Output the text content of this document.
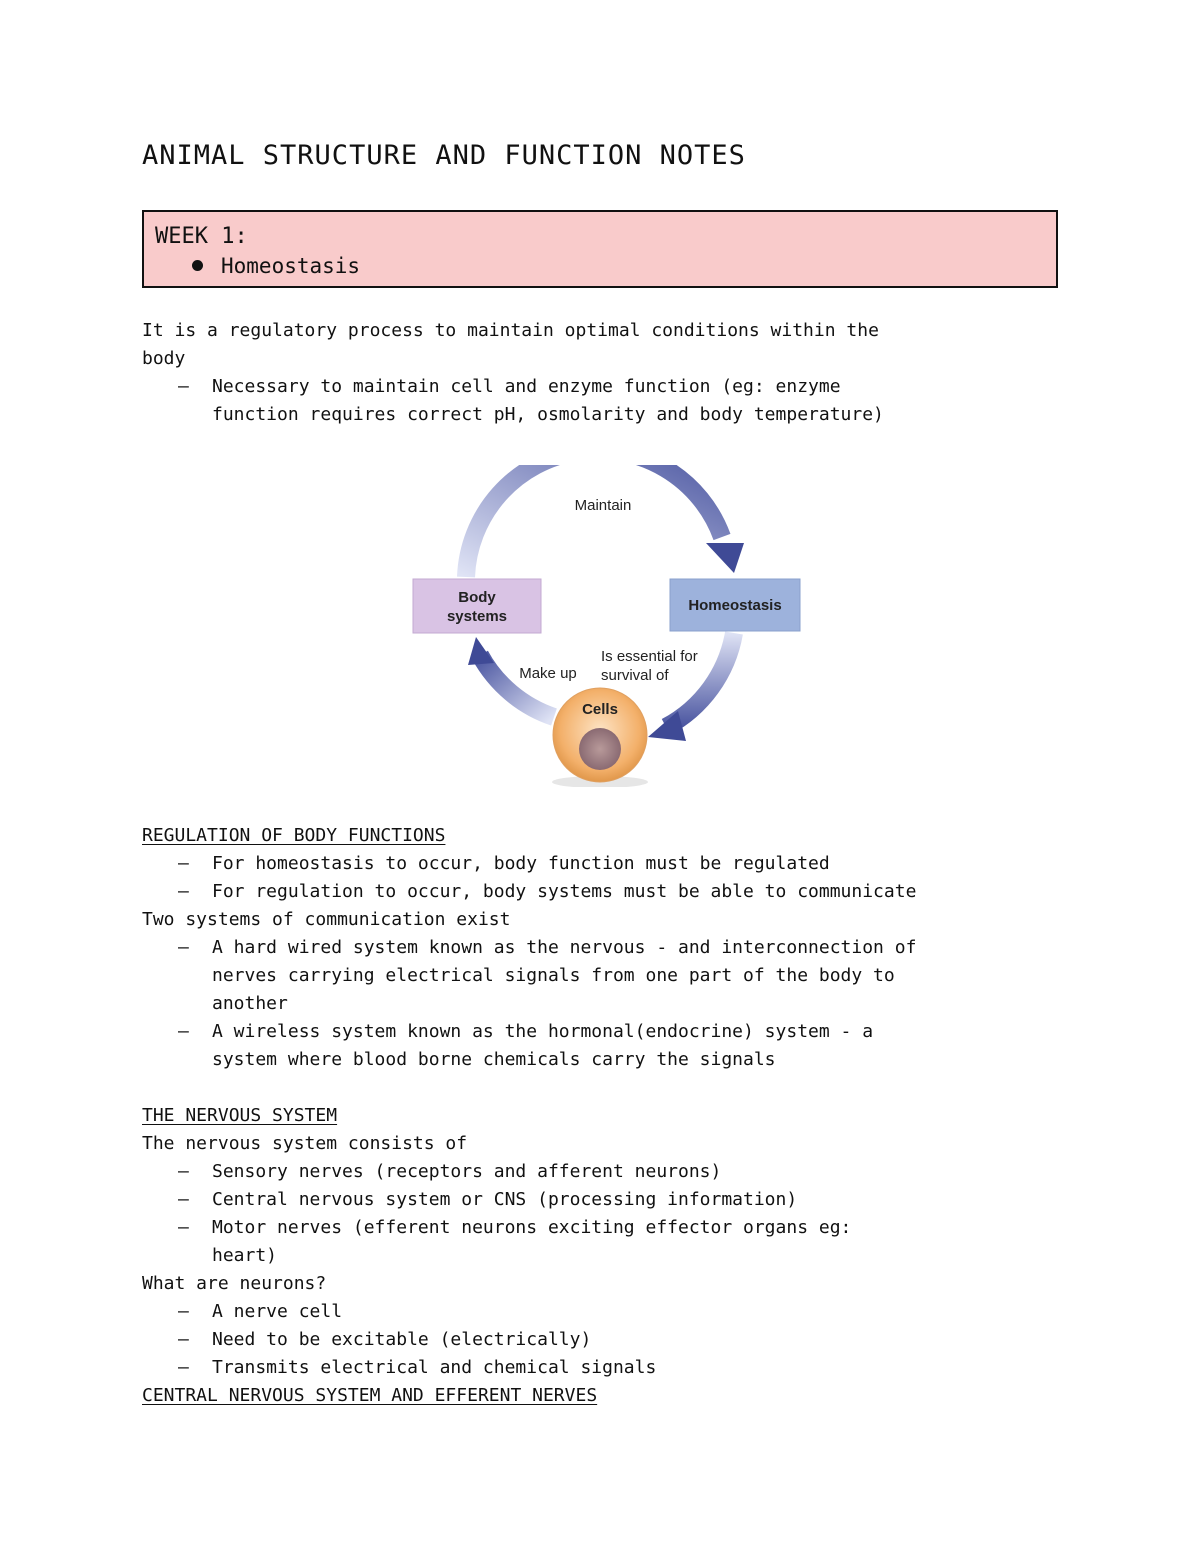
ANIMAL STRUCTURE AND FUNCTION NOTES
WEEK 1:
Homeostasis
It is a regulatory process to maintain optimal conditions within the
body
– Necessary to maintain cell and enzyme function (eg: enzyme
function requires correct pH, osmolarity and body temperature)
REGULATION OF BODY FUNCTIONS
– For homeostasis to occur, body function must be regulated
– For regulation to occur, body systems must be able to communicate
Two systems of communication exist
– A hard wired system known as the nervous - and interconnection of
nerves carrying electrical signals from one part of the body to
another
– A wireless system known as the hormonal(endocrine) system - a
system where blood borne chemicals carry the signals
THE NERVOUS SYSTEM
The nervous system consists of
– Sensory nerves (receptors and afferent neurons)
– Central nervous system or CNS (processing information)
– Motor nerves (efferent neurons exciting effector organs eg:
heart)
What are neurons?
– A nerve cell
– Need to be excitable (electrically)
– Transmits electrical and chemical signals
CENTRAL NERVOUS SYSTEM AND EFFERENT NERVES
Body
systems
Homeostasis
Maintain
Make up
Is essential for
survival of
Cells
